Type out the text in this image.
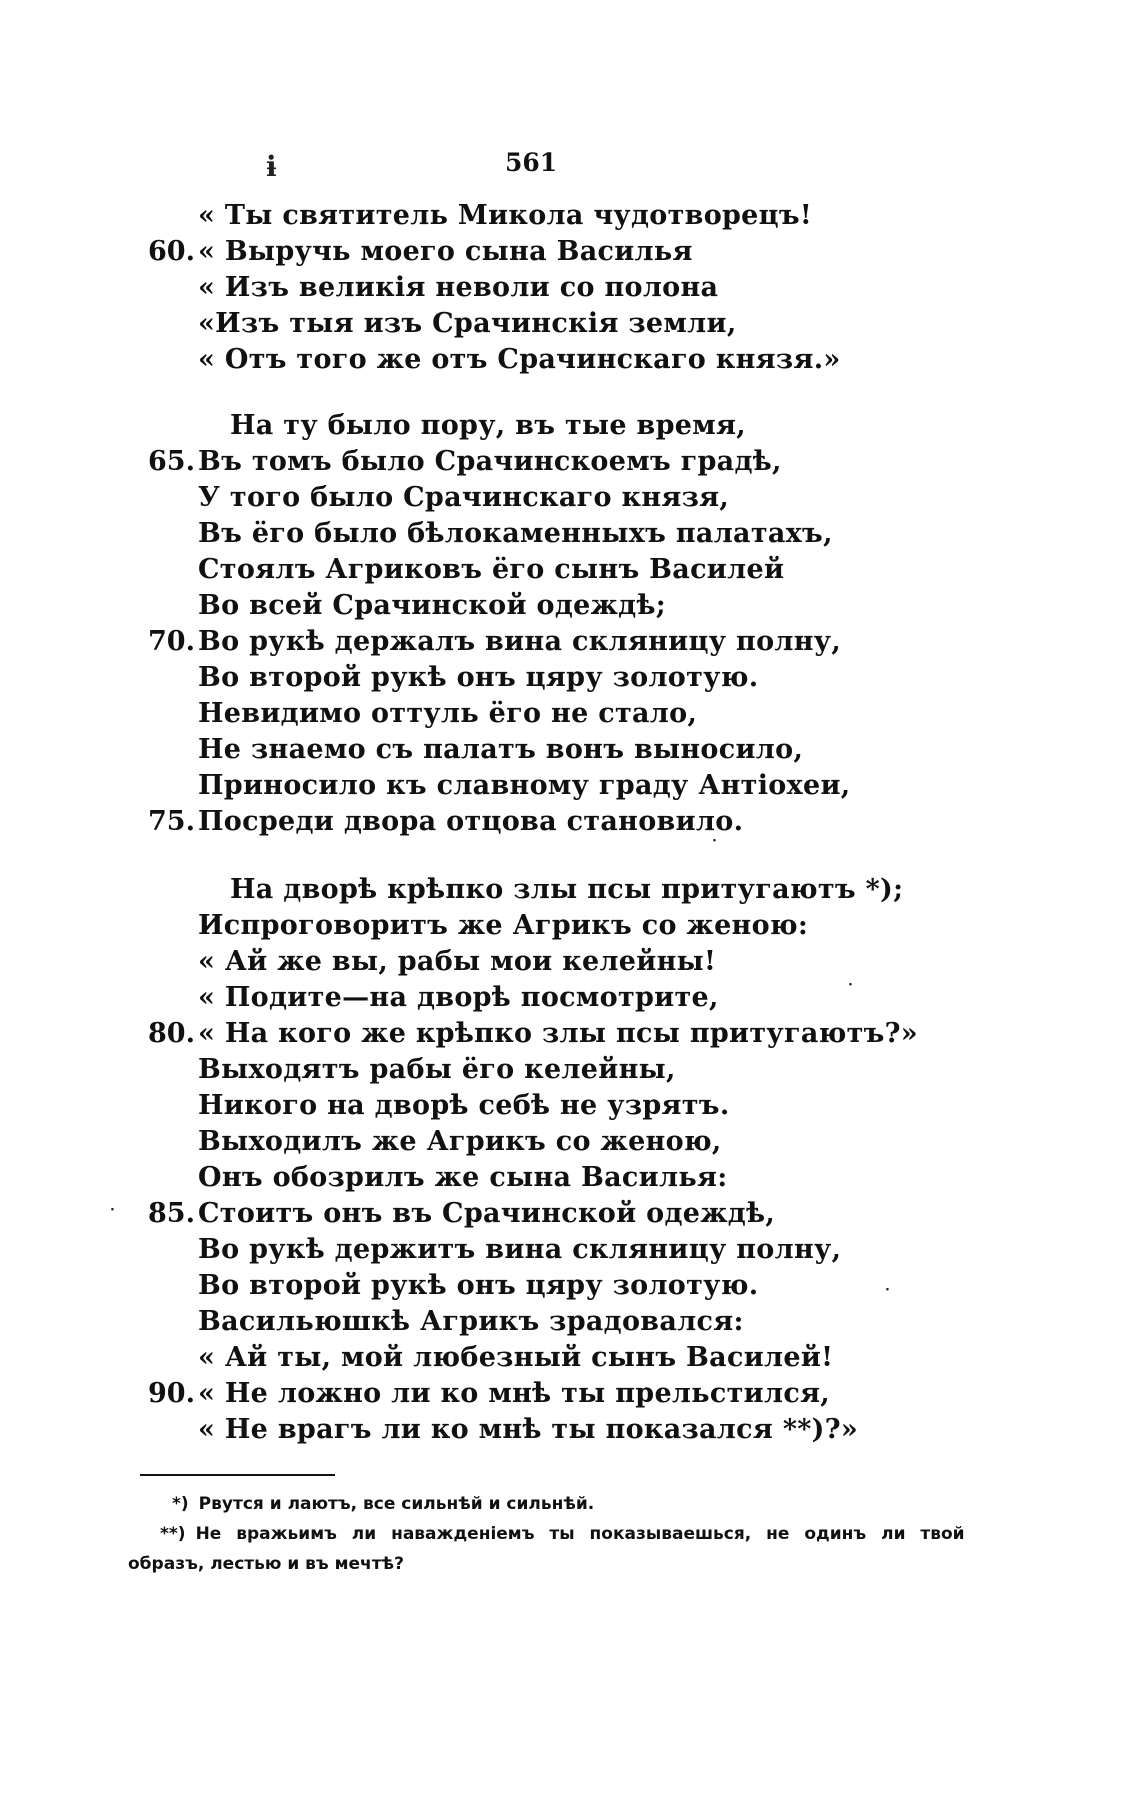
ɨ	561
« Ты святитель Микола чудотворецъ!
60. « Выручь моего сына Василья
« Изъ великія неволи со полона
«Изъ тыя изъ Срачинскія земли,
« Отъ того же отъ Срачинскаго князя.»
На ту было пору, въ тые время,
65. Въ томъ было Срачинскоемъ градѣ,
У того было Срачинскаго князя,
Въ ёго было бѣлокаменныхъ палатахъ,
Стоялъ Агриковъ ёго сынъ Василей
Во всей Срачинской одеждѣ;
70. Во рукѣ держалъ вина скляницу полну,
Во второй рукѣ онъ цяру золотую.
Невидимо оттуль ёго не стало,
Не знаемо съ палатъ вонъ выносило,
Приносило къ славному граду Антіохеи,
75. Посреди двора отцова становило.
На дворѣ крѣпко злы псы притугаютъ *);
Испроговоритъ же Агрикъ со женою:
« Ай же вы, рабы мои келейны!
« Подите—на дворѣ посмотрите,
80. « На кого же крѣпко злы псы притугаютъ?»
Выходятъ рабы ёго келейны,
Никого на дворѣ себѣ не узрятъ.
Выходилъ же Агрикъ со женою,
Онъ обозрилъ же сына Василья:
85. Стоитъ онъ въ Срачинской одеждѣ,
Во рукѣ держитъ вина скляницу полну,
Во второй рукѣ онъ цяру золотую.
Васильюшкѣ Агрикъ зрадовался:
« Ай ты, мой любезный сынъ Василей!
90. « Не ложно ли ко мнѣ ты прельстился,
« Не врагъ ли ко мнѣ ты показался **)?»
·
·
·
·
*) Рвутся и лаютъ, все сильнѣй и сильнѣй.
**) Не вражьимъ ли наважденіемъ ты показываешься, не одинъ ли твой
образъ, лестью и въ мечтѣ?
